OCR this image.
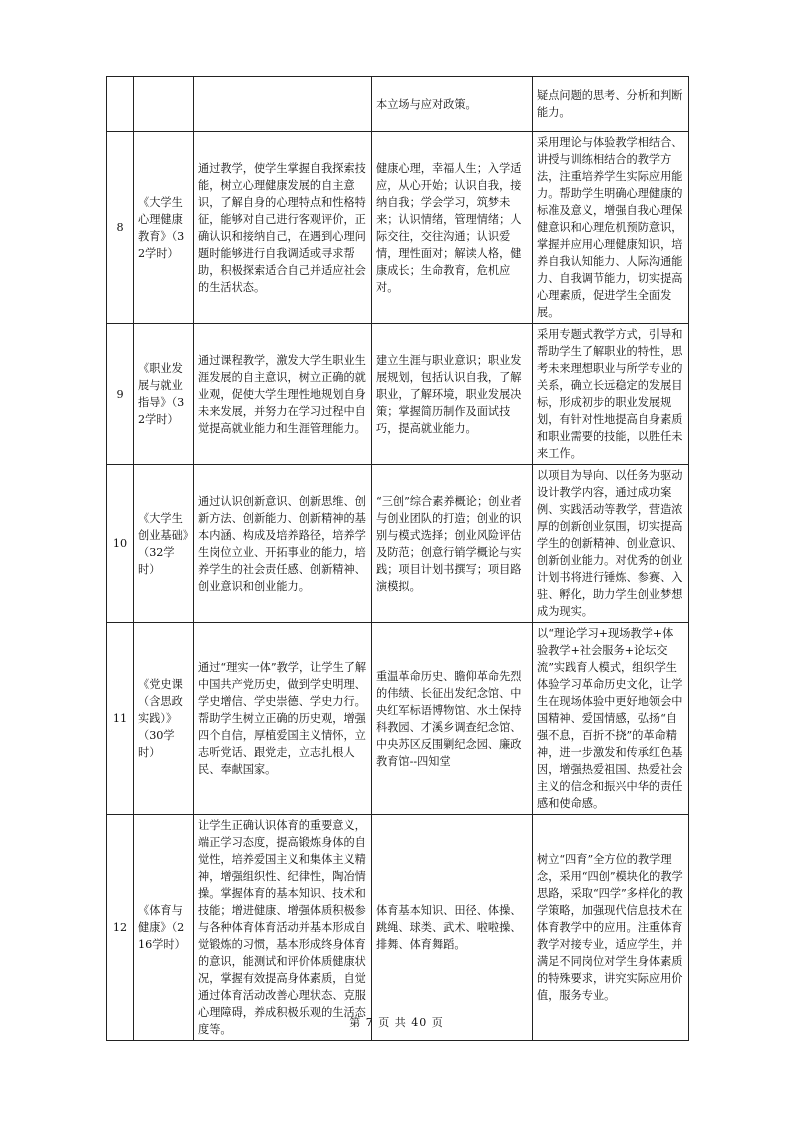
			本立场与应对政策。	疑点问题的思考、分析和判断能力。
8	《大学生心理健康教育》（32学时）	通过教学，使学生掌握自我探索技能，树立心理健康发展的自主意识，了解自身的心理特点和性格特征，能够对自己进行客观评价，正确认识和接纳自己，在遇到心理问题时能够进行自我调适或寻求帮助，积极探索适合自己并适应社会的生活状态。	健康心理，幸福人生；入学适应，从心开始；认识自我，接纳自我；学会学习，筑梦未来；认识情绪，管理情绪；人际交往，交往沟通；认识爱情，理性面对；解读人格，健康成长；生命教育，危机应对。	采用理论与体验教学相结合、讲授与训练相结合的教学方法，注重培养学生实际应用能力。帮助学生明确心理健康的标准及意义，增强自我心理保健意识和心理危机预防意识，掌握并应用心理健康知识，培养自我认知能力、人际沟通能力、自我调节能力，切实提高心理素质，促进学生全面发展。
9	《职业发展与就业指导》（32学时）	通过课程教学，激发大学生职业生涯发展的自主意识，树立正确的就业观，促使大学生理性地规划自身未来发展，并努力在学习过程中自觉提高就业能力和生涯管理能力。	建立生涯与职业意识；职业发展规划，包括认识自我，了解职业，了解环境，职业发展决策；掌握简历制作及面试技巧，提高就业能力。	采用专题式教学方式，引导和帮助学生了解职业的特性，思考未来理想职业与所学专业的关系，确立长远稳定的发展目标，形成初步的职业发展规划，有针对性地提高自身素质和职业需要的技能，以胜任未来工作。
10	《大学生创业基础》（32学时）	通过认识创新意识、创新思维、创新方法、创新能力、创新精神的基本内涵、构成及培养路径，培养学生岗位立业、开拓事业的能力，培养学生的社会责任感、创新精神、创业意识和创业能力。	“三创”综合素养概论；创业者与创业团队的打造；创业的识别与模式选择；创业风险评估及防范；创意行销学概论与实践；项目计划书撰写；项目路演模拟。	以项目为导向、以任务为驱动设计教学内容，通过成功案例、实践活动等教学，营造浓厚的创新创业氛围，切实提高学生的创新精神、创业意识、创新创业能力。对优秀的创业计划书将进行锤炼、参赛、入驻、孵化，助力学生创业梦想成为现实。
11	《党史课（含思政实践）》（30学时）	通过“理实一体”教学，让学生了解中国共产党历史，做到学史明理、学史增信、学史崇德、学史力行。帮助学生树立正确的历史观，增强四个自信，厚植爱国主义情怀，立志听党话、跟党走，立志扎根人民、奉献国家。	重温革命历史、瞻仰革命先烈的伟绩、长征出发纪念馆、中央红军标语博物馆、水土保持科教园、才溪乡调查纪念馆、中央苏区反围剿纪念园、廉政教育馆--四知堂	以“理论学习+现场教学+体验教学+社会服务+论坛交流”实践育人模式，组织学生体验学习革命历史文化，让学生在现场体验中更好地领会中国精神、爱国情感，弘扬“自强不息，百折不挠”的革命精神，进一步激发和传承红色基因，增强热爱祖国、热爱社会主义的信念和振兴中华的责任感和使命感。
12	《体育与健康》（216学时）	让学生正确认识体育的重要意义，端正学习态度，提高锻炼身体的自觉性，培养爱国主义和集体主义精神，增强组织性、纪律性，陶冶情操。掌握体育的基本知识、技术和技能；增进健康、增强体质积极参与各种体育体育活动并基本形成自觉锻炼的习惯，基本形成终身体育的意识，能测试和评价体质健康状况，掌握有效提高身体素质，自觉通过体育活动改善心理状态、克服心理障碍，养成积极乐观的生活态度等。	体育基本知识、田径、体操、跳绳、球类、武术、啦啦操、排舞、体育舞蹈。	树立“四育”全方位的教学理念，采用“四创”模块化的教学思路，采取“四学”多样化的教学策略，加强现代信息技术在体育教学中的应用。注重体育教学对接专业，适应学生，并满足不同岗位对学生身体素质的特殊要求，讲究实际应用价值，服务专业。
第 7 页 共 40 页
